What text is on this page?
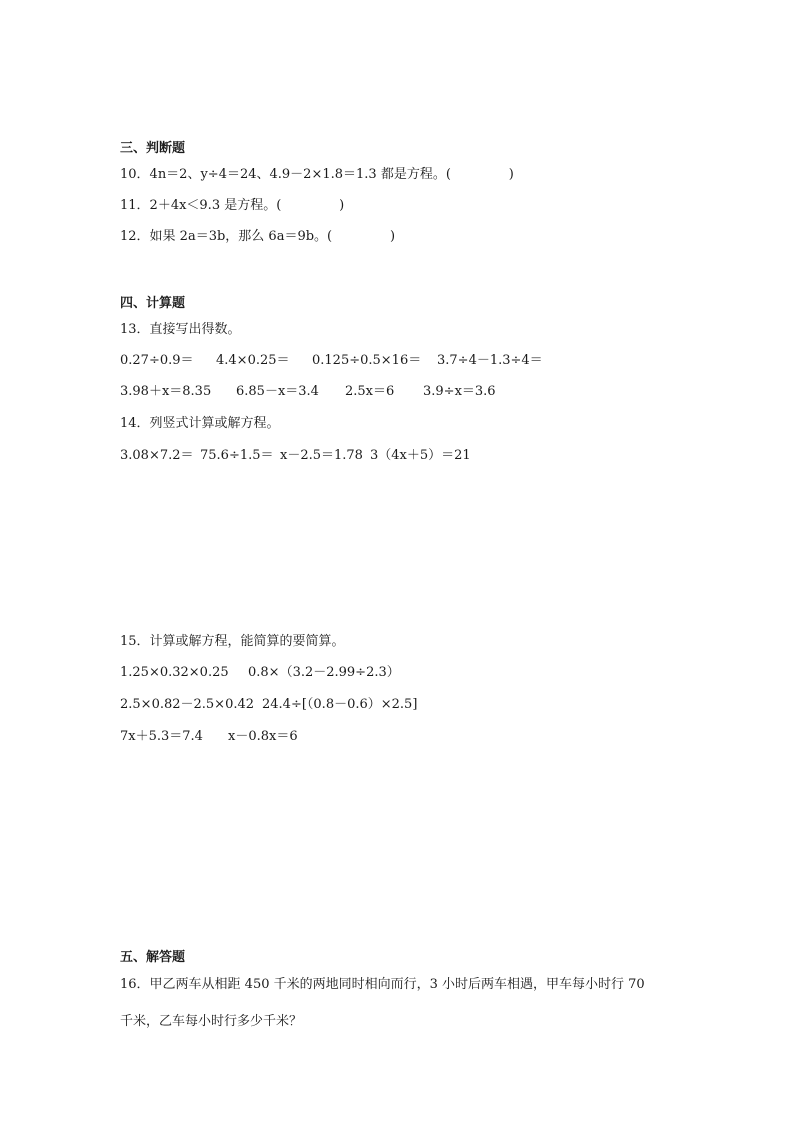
三、判断题
10．4n＝2、y÷4＝24、4.9－2×1.8＝1.3 都是方程。(              )
11．2＋4x＜9.3 是方程。(              )
12．如果 2a＝3b，那么 6a＝9b。(              )
四、计算题
13．直接写出得数。
0.27÷0.9＝ 4.4×0.25＝ 0.125÷0.5×16＝ 3.7÷4－1.3÷4＝
3.98＋x＝8.35 6.85－x＝3.4 2.5x＝6 3.9÷x＝3.6
14．列竖式计算或解方程。
3.08×7.2＝ 75.6÷1.5＝ x－2.5＝1.78 3（4x＋5）＝21
15．计算或解方程，能简算的要简算。
1.25×0.32×0.25 0.8×（3.2－2.99÷2.3）
2.5×0.82－2.5×0.42 24.4÷[（0.8－0.6）×2.5]
7x＋5.3＝7.4 x－0.8x＝6
五、解答题
16．甲乙两车从相距 450 千米的两地同时相向而行，3 小时后两车相遇，甲车每小时行 70
千米，乙车每小时行多少千米？
